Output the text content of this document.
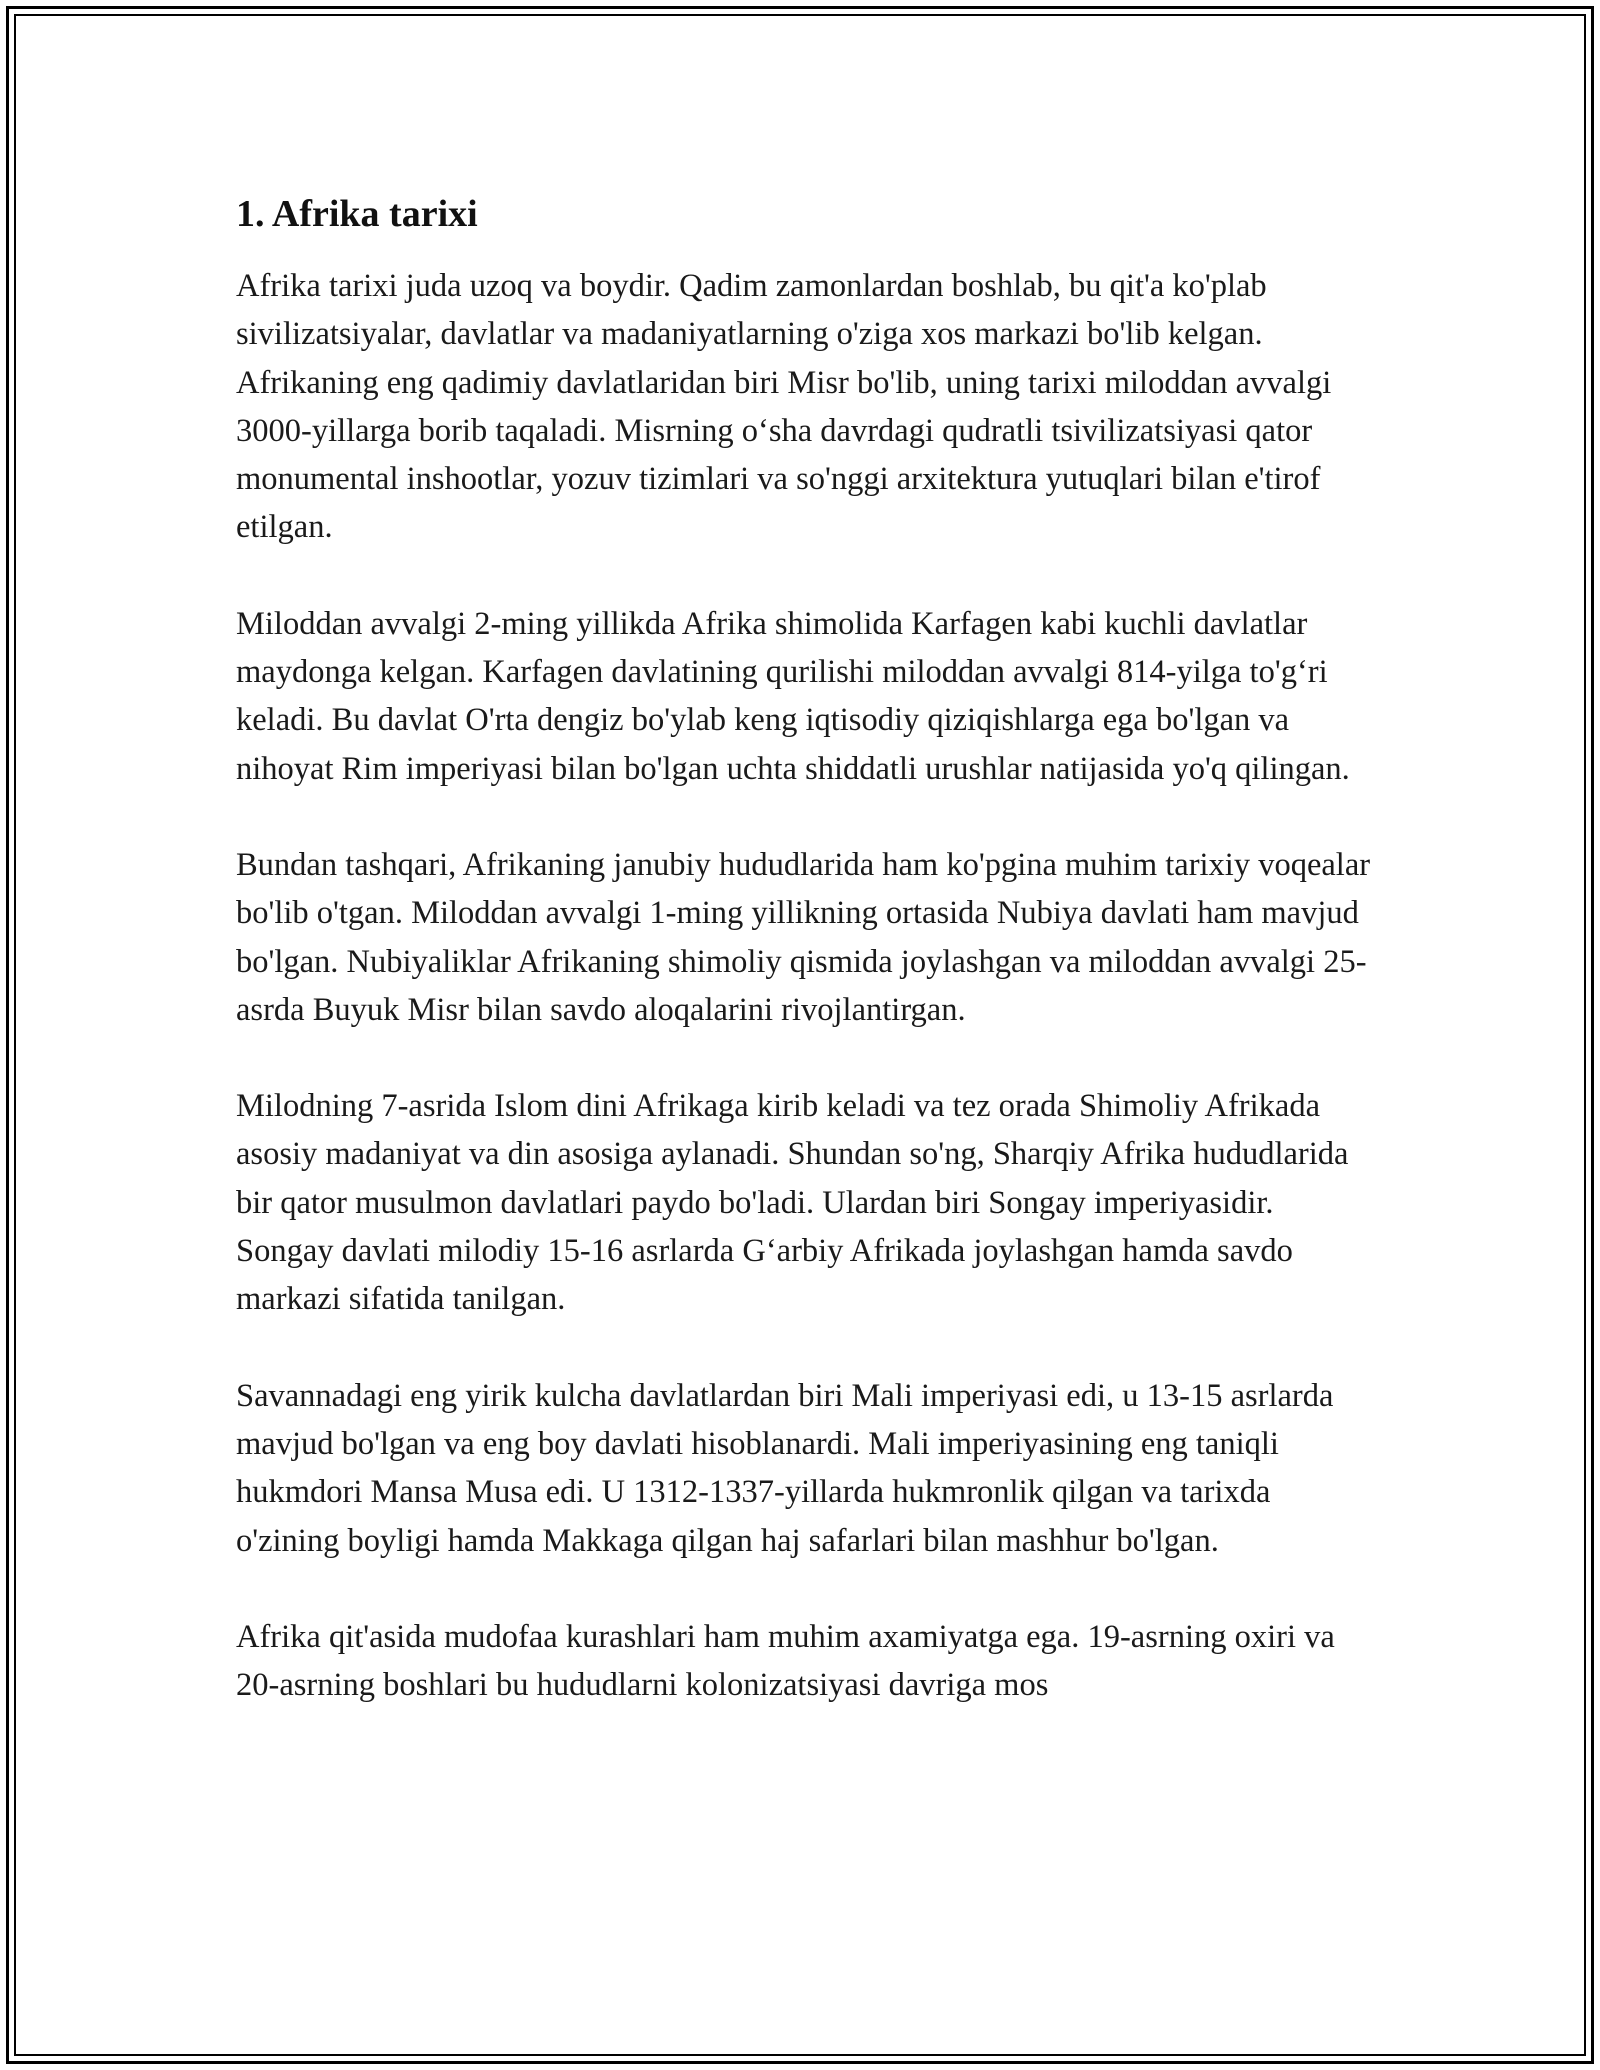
1. Afrika tarixi

Afrika tarixi juda uzoq va boydir. Qadim zamonlardan boshlab, bu qit'a ko'plab sivilizatsiyalar, davlatlar va madaniyatlarning o'ziga xos markazi bo'lib kelgan. Afrikaning eng qadimiy davlatlaridan biri Misr bo'lib, uning tarixi miloddan avvalgi 3000-yillarga borib taqaladi. Misrning o‘sha davrdagi qudratli tsivilizatsiyasi qator monumental inshootlar, yozuv tizimlari va so'nggi arxitektura yutuqlari bilan e'tirof etilgan.

Miloddan avvalgi 2-ming yillikda Afrika shimolida Karfagen kabi kuchli davlatlar maydonga kelgan. Karfagen davlatining qurilishi miloddan avvalgi 814-yilga to'g‘ri keladi. Bu davlat O'rta dengiz bo'ylab keng iqtisodiy qiziqishlarga ega bo'lgan va nihoyat Rim imperiyasi bilan bo'lgan uchta shiddatli urushlar natijasida yo'q qilingan.

Bundan tashqari, Afrikaning janubiy hududlarida ham ko'pgina muhim tarixiy voqealar bo'lib o'tgan. Miloddan avvalgi 1-ming yillikning ortasida Nubiya davlati ham mavjud bo'lgan. Nubiyaliklar Afrikaning shimoliy qismida joylashgan va miloddan avvalgi 25-asrda Buyuk Misr bilan savdo aloqalarini rivojlantirgan.

Milodning 7-asrida Islom dini Afrikaga kirib keladi va tez orada Shimoliy Afrikada asosiy madaniyat va din asosiga aylanadi. Shundan so'ng, Sharqiy Afrika hududlarida bir qator musulmon davlatlari paydo bo'ladi. Ulardan biri Songay imperiyasidir. Songay davlati milodiy 15-16 asrlarda G‘arbiy Afrikada joylashgan hamda savdo markazi sifatida tanilgan.

Savannadagi eng yirik kulcha davlatlardan biri Mali imperiyasi edi, u 13-15 asrlarda mavjud bo'lgan va eng boy davlati hisoblanardi. Mali imperiyasining eng taniqli hukmdori Mansa Musa edi. U 1312-1337-yillarda hukmronlik qilgan va tarixda o'zining boyligi hamda Makkaga qilgan haj safarlari bilan mashhur bo'lgan.

Afrika qit'asida mudofaa kurashlari ham muhim axamiyatga ega. 19-asrning oxiri va 20-asrning boshlari bu hududlarni kolonizatsiyasi davriga mos
